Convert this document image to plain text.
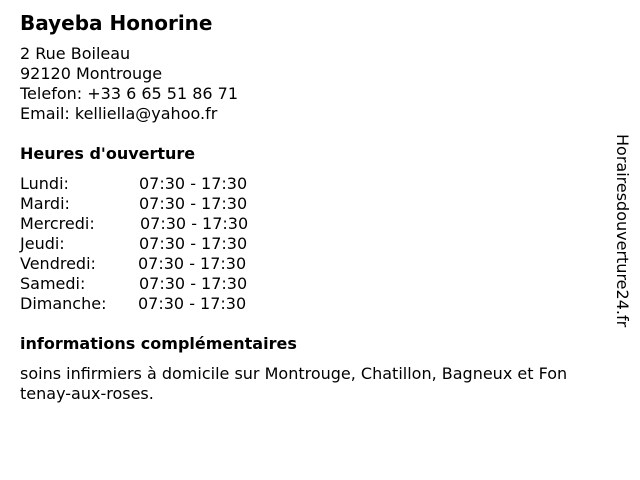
Bayeba Honorine
2 Rue Boileau
92120 Montrouge
Telefon: +33 6 65 51 86 71
Email: kelliella@yahoo.fr
Heures d'ouverture
Lundi:	07:30 - 17:30
Mardi:	07:30 - 17:30
Mercredi:	07:30 - 17:30
Jeudi:	07:30 - 17:30
Vendredi:	07:30 - 17:30
Samedi:	07:30 - 17:30
Dimanche: 07:30 - 17:30
informations complémentaires
soins infirmiers à domicile sur Montrouge, Chatillon, Bagneux et Fon
tenay-aux-roses.
Horairesdouverture24.fr
